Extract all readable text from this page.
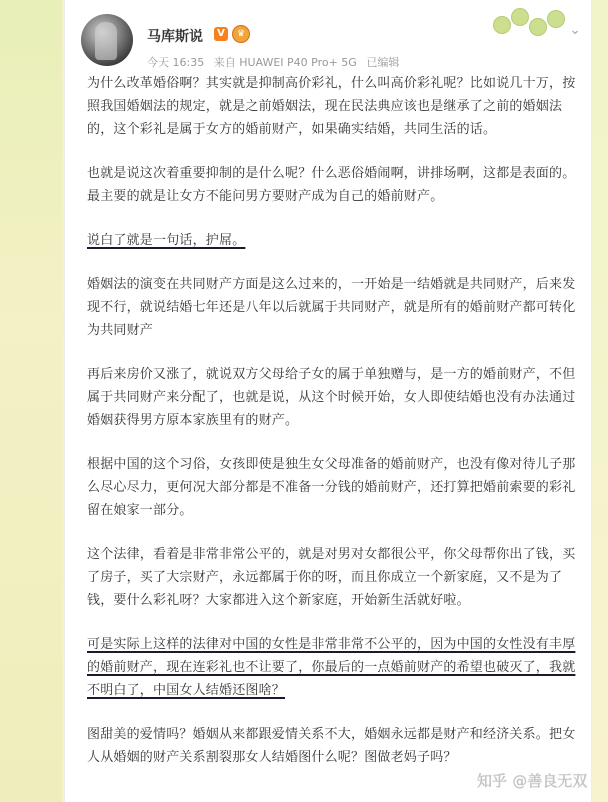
马库斯说	V	♛
今天 16:35 来自 HUAWEI P40 Pro+ 5G 已编辑
⌄

为什么改革婚俗啊？其实就是抑制高价彩礼，什么叫高价彩礼呢？比如说几十万，按照我国婚姻法的规定，就是之前婚姻法，现在民法典应该也是继承了之前的婚姻法的，这个彩礼是属于女方的婚前财产，如果确实结婚，共同生活的话。

也就是说这次着重要抑制的是什么呢？什么恶俗婚闹啊，讲排场啊，这都是表面的。最主要的就是让女方不能问男方要财产成为自己的婚前财产。

说白了就是一句话，护屌。

婚姻法的演变在共同财产方面是这么过来的，一开始是一结婚就是共同财产，后来发现不行，就说结婚七年还是八年以后就属于共同财产，就是所有的婚前财产都可转化为共同财产

再后来房价又涨了，就说双方父母给子女的属于单独赠与，是一方的婚前财产，不但属于共同财产来分配了，也就是说，从这个时候开始，女人即使结婚也没有办法通过婚姻获得男方原本家族里有的财产。

根据中国的这个习俗，女孩即使是独生女父母准备的婚前财产，也没有像对待儿子那么尽心尽力，更何况大部分都是不准备一分钱的婚前财产，还打算把婚前索要的彩礼留在娘家一部分。

这个法律，看着是非常非常公平的，就是对男对女都很公平，你父母帮你出了钱，买了房子，买了大宗财产，永远都属于你的呀，而且你成立一个新家庭，又不是为了钱，要什么彩礼呀？大家都进入这个新家庭，开始新生活就好啦。

可是实际上这样的法律对中国的女性是非常非常不公平的，因为中国的女性没有丰厚的婚前财产，现在连彩礼也不让要了，你最后的一点婚前财产的希望也破灭了，我就不明白了，中国女人结婚还图啥？

图甜美的爱情吗？婚姻从来都跟爱情关系不大，婚姻永远都是财产和经济关系。把女人从婚姻的财产关系割裂那女人结婚图什么呢？图做老妈子吗？

知乎 @善良无双
